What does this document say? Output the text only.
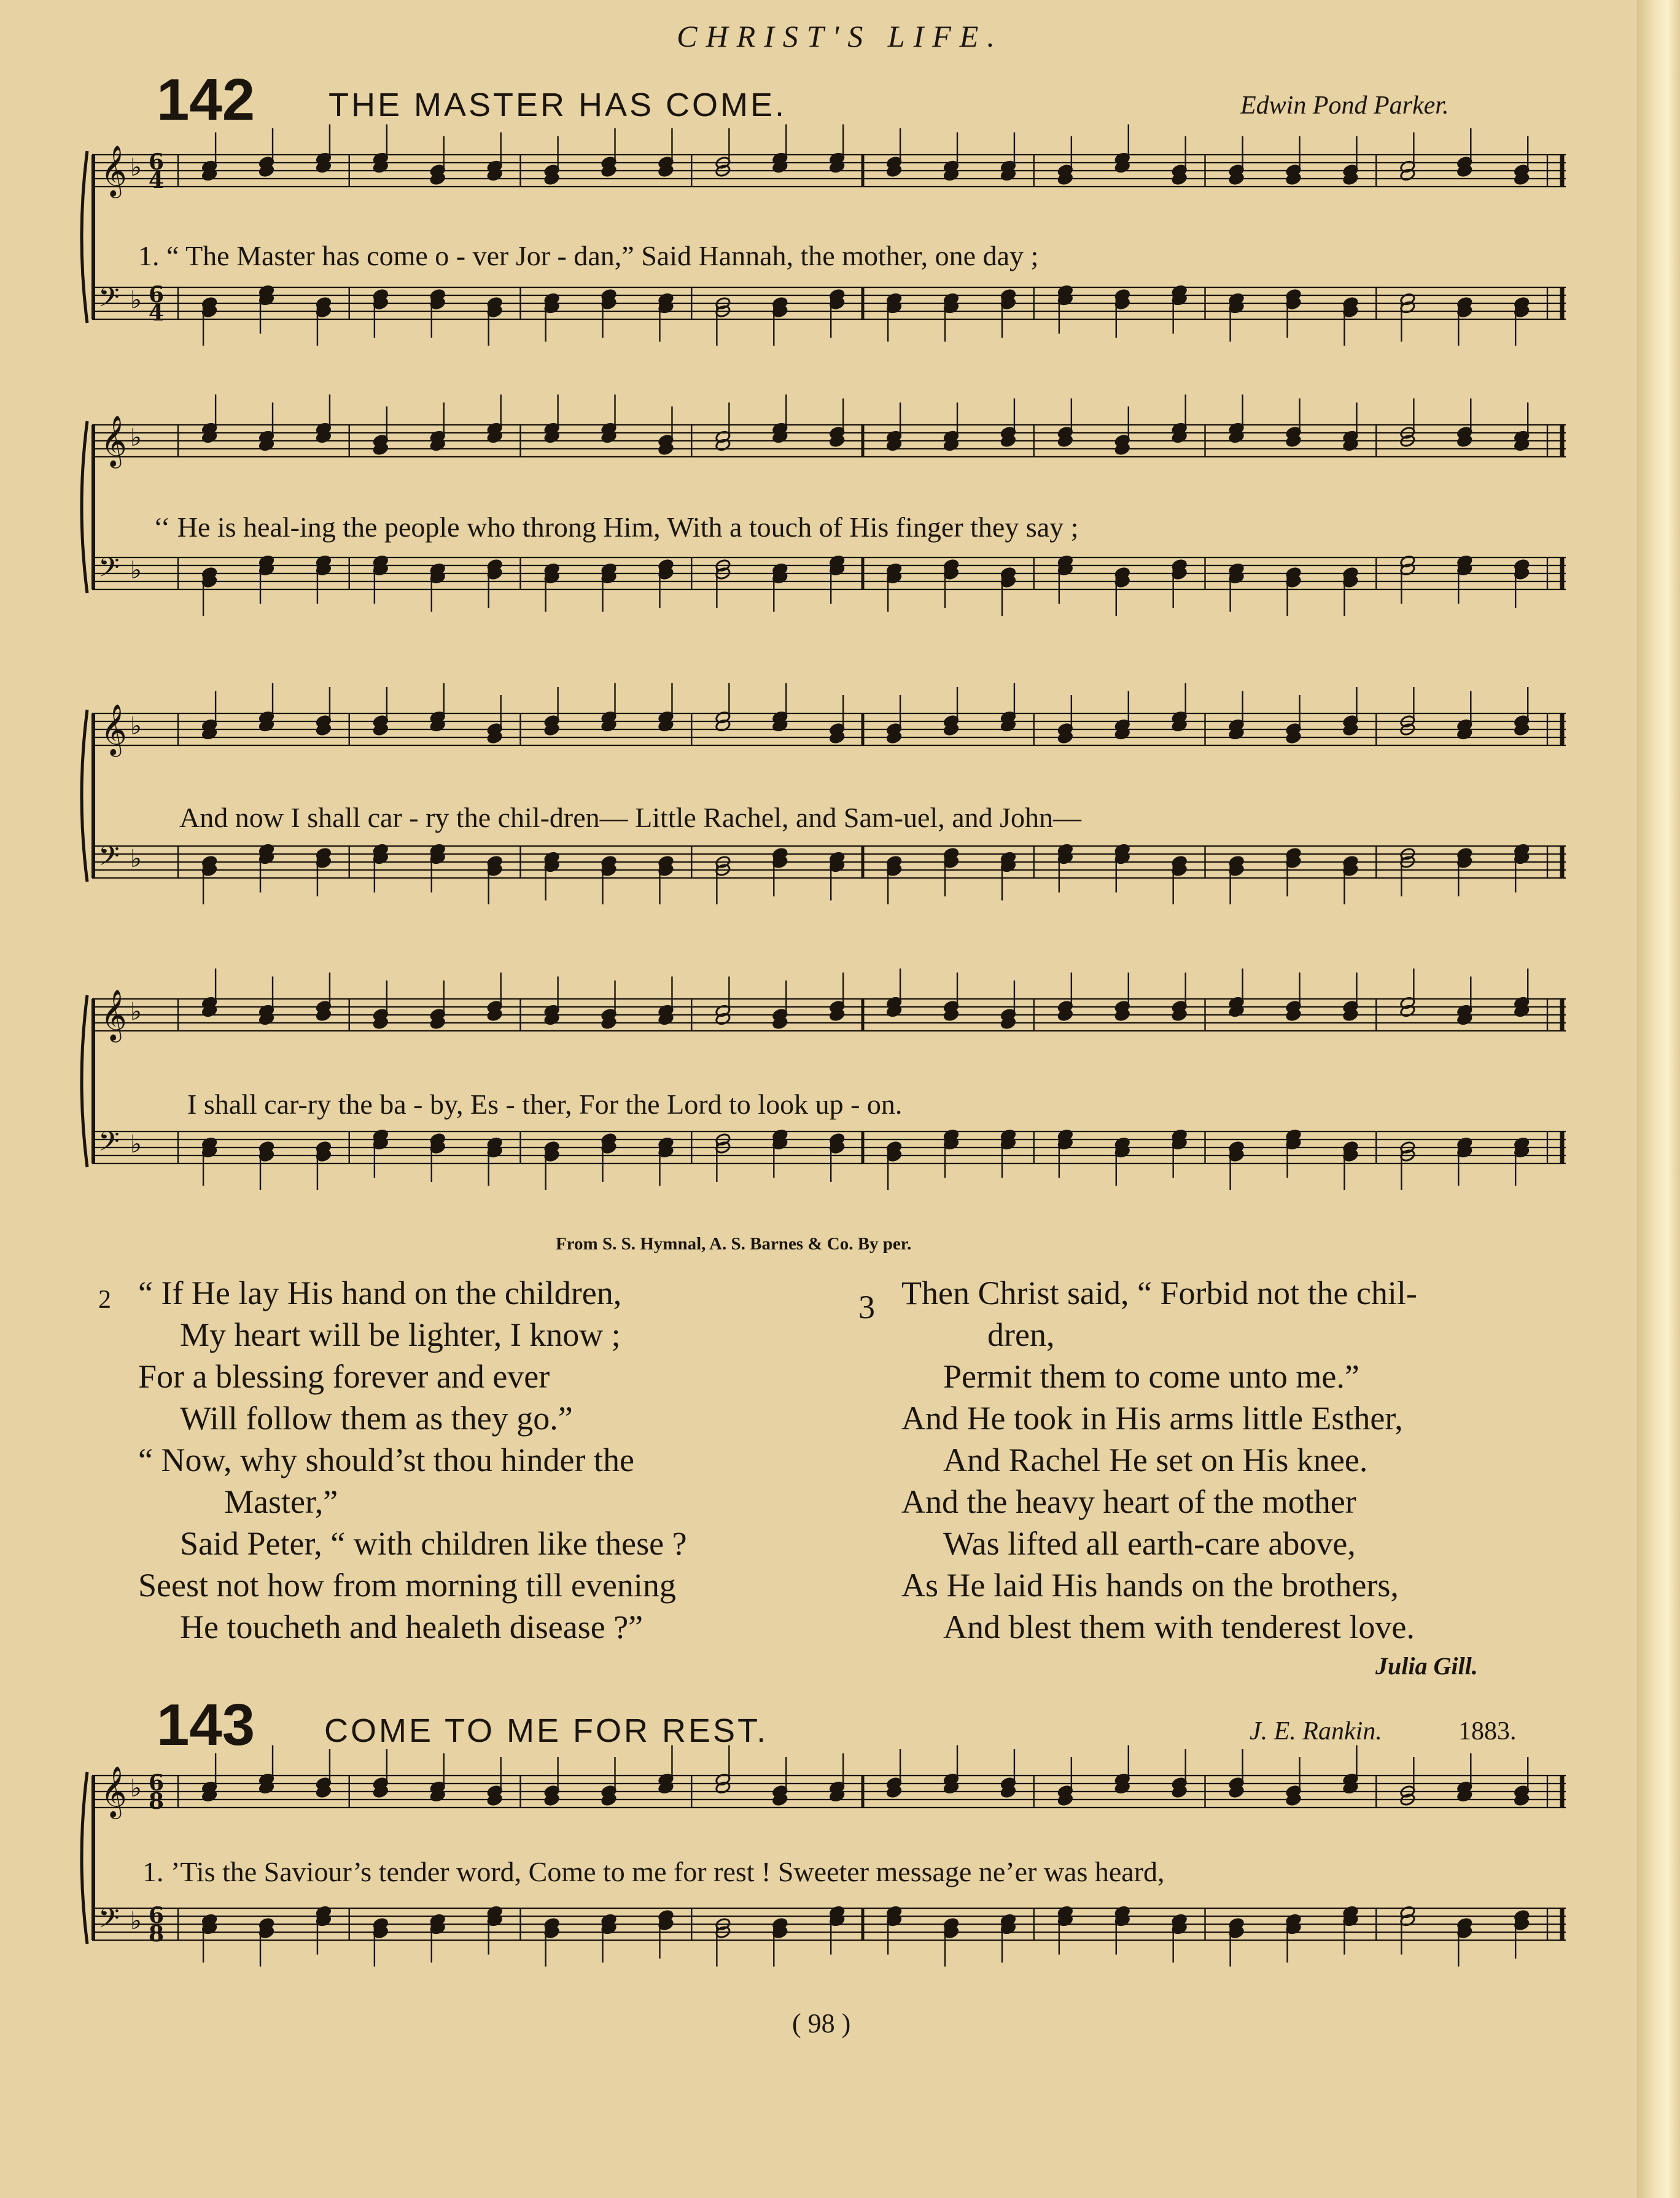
CHRIST'S LIFE.
142 THE MASTER HAS COME.	Edwin Pond Parker.
𝄞
𝄢
♭
♭
6
4
6
4
1. “ The Master has come o - ver Jor - dan,” Said Hannah, the mother, one day ;
𝄞
𝄢
♭
♭
‘‘ He is heal-ing the people who throng Him, With a touch of His finger they say ;
𝄞
𝄢
♭
♭
And now I shall car - ry the chil-dren— Little Rachel, and Sam-uel, and John—
𝄞
𝄢
♭
♭
I shall car-ry the ba - by, Es - ther, For the Lord to look up - on.
From S. S. Hymnal, A. S. Barnes & Co. By per.
2 “ If He lay His hand on the children,
My heart will be lighter, I know ;
For a blessing forever and ever
Will follow them as they go.”
“ Now, why should’st thou hinder the
Master,”
Said Peter, “ with children like these ?
Seest not how from morning till evening
He toucheth and healeth disease ?”
3 Then Christ said, “ Forbid not the chil-
dren,
Permit them to come unto me.”
And He took in His arms little Esther,
And Rachel He set on His knee.
And the heavy heart of the mother
Was lifted all earth-care above,
As He laid His hands on the brothers,
And blest them with tenderest love.
Julia Gill.
143 COME TO ME FOR REST.	J. E. Rankin.	1883.
𝄞
𝄢
♭
♭
6
8
6
8
1. ’Tis the Saviour’s tender word, Come to me for rest ! Sweeter message ne’er was heard,
( 98 )
